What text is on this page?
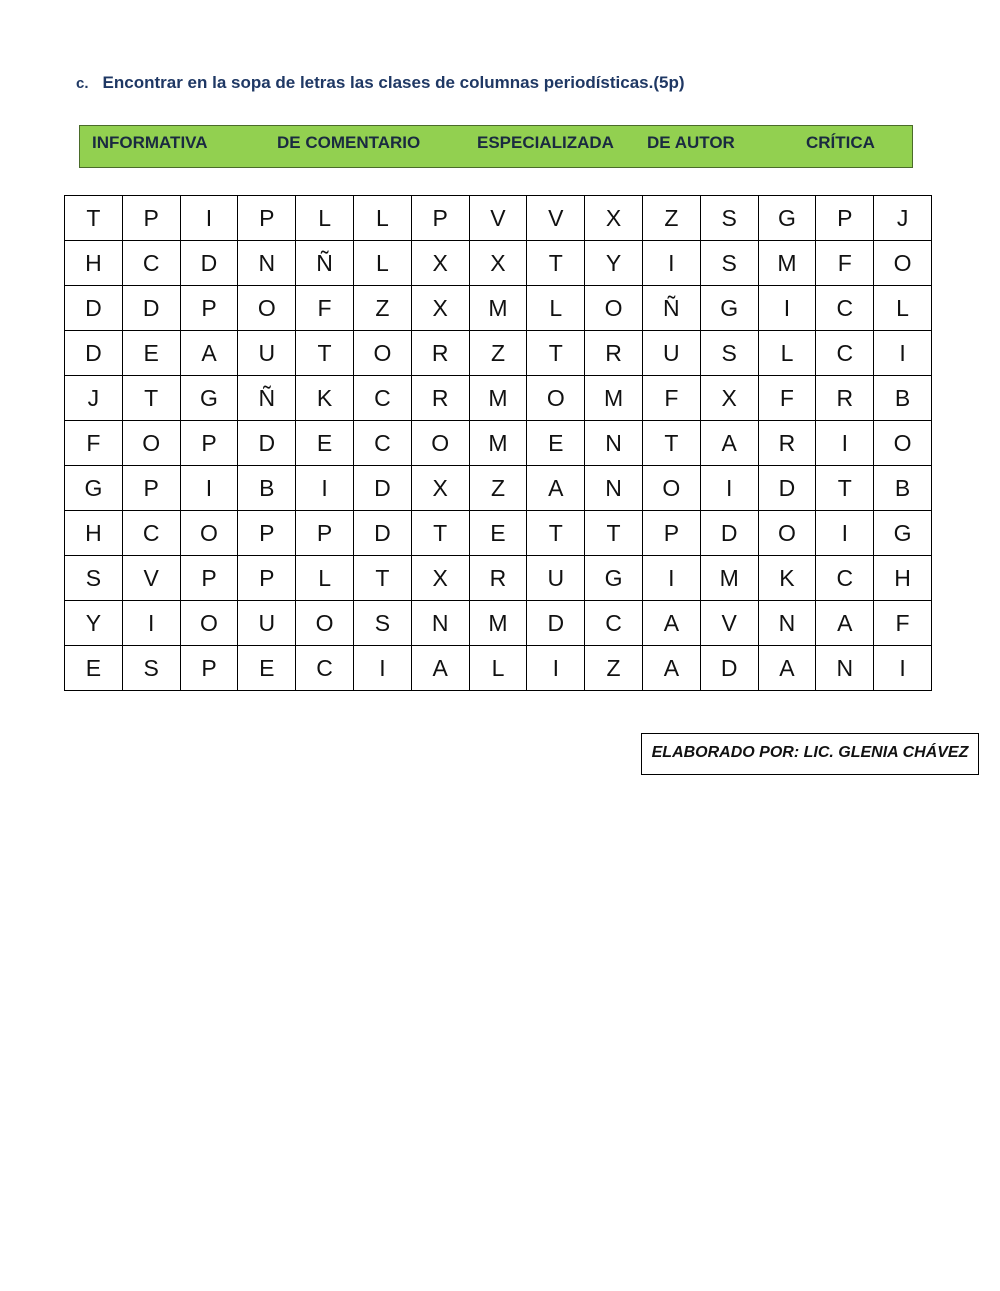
c. Encontrar en la sopa de letras las clases de columnas periodísticas.(5p)
INFORMATIVA	DE COMENTARIO	ESPECIALIZADA DE AUTOR	CRÍTICA
T	P	I	P	L	L	P	V	V	X	Z	S	G	P	J
H	C	D	N	Ñ	L	X	X	T	Y	I	S	M	F	O
D	D	P	O	F	Z	X	M	L	O	Ñ	G	I	C	L
D	E	A	U	T	O	R	Z	T	R	U	S	L	C	I
J	T	G	Ñ	K	C	R	M	O	M	F	X	F	R	B
F	O	P	D	E	C	O	M	E	N	T	A	R	I	O
G	P	I	B	I	D	X	Z	A	N	O	I	D	T	B
H	C	O	P	P	D	T	E	T	T	P	D	O	I	G
S	V	P	P	L	T	X	R	U	G	I	M	K	C	H
Y	I	O	U	O	S	N	M	D	C	A	V	N	A	F
E	S	P	E	C	I	A	L	I	Z	A	D	A	N	I
ELABORADO POR: LIC. GLENIA CHÁVEZ
